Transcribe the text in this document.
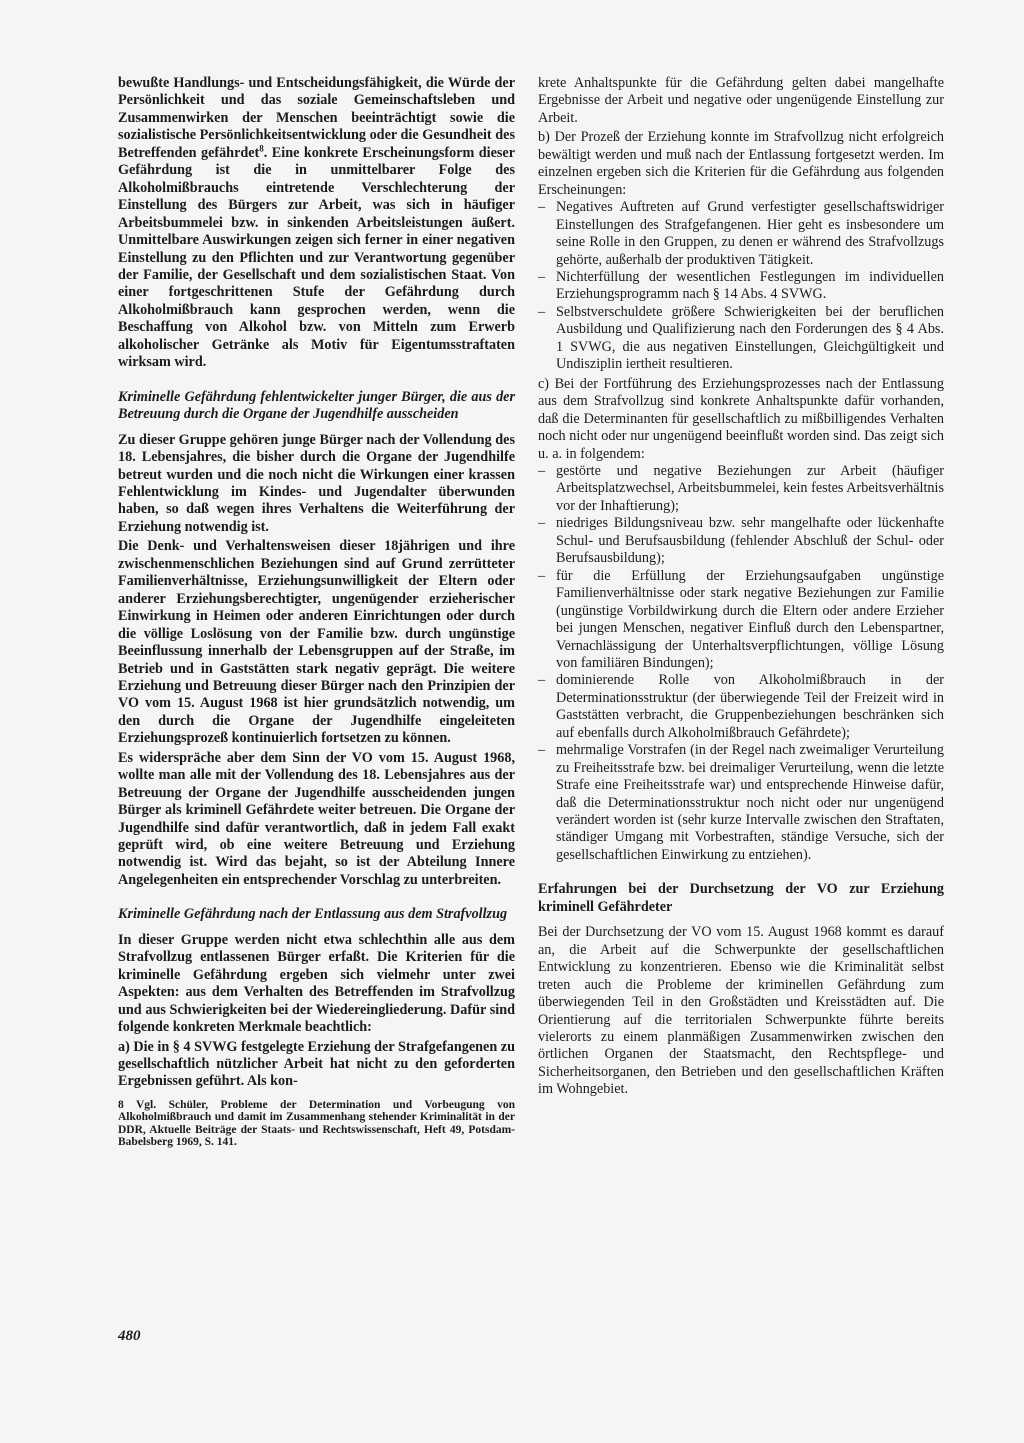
bewußte Handlungs- und Entscheidungsfähigkeit, die Würde der Persönlichkeit und das soziale Gemeinschaftsleben und Zusammenwirken der Menschen beeinträchtigt sowie die sozialistische Persönlichkeitsentwicklung oder die Gesundheit des Betreffenden gefährdet$^8$. Eine konkrete Erscheinungsform dieser Gefährdung ist die in unmittelbarer Folge des Alkoholmißbrauchs eintretende Verschlechterung der Einstellung des Bürgers zur Arbeit, was sich in häufiger Arbeitsbummelei bzw. in sinkenden Arbeitsleistungen äußert. Unmittelbare Auswirkungen zeigen sich ferner in einer negativen Einstellung zu den Pflichten und zur Verantwortung gegenüber der Familie, der Gesellschaft und dem sozialistischen Staat. Von einer fortgeschrittenen Stufe der Gefährdung durch Alkoholmißbrauch kann gesprochen werden, wenn die Beschaffung von Alkohol bzw. von Mitteln zum Erwerb alkoholischer Getränke als Motiv für Eigentumsstraftaten wirksam wird.

Kriminelle Gefährdung fehlentwickelter junger Bürger, die aus der Betreuung durch die Organe der Jugendhilfe ausscheiden

Zu dieser Gruppe gehören junge Bürger nach der Vollendung des 18. Lebensjahres, die bisher durch die Organe der Jugendhilfe betreut wurden und die noch nicht die Wirkungen einer krassen Fehlentwicklung im Kindes- und Jugendalter überwunden haben, so daß wegen ihres Verhaltens die Weiterführung der Erziehung notwendig ist.

Die Denk- und Verhaltensweisen dieser 18jährigen und ihre zwischenmenschlichen Beziehungen sind auf Grund zerrütteter Familienverhältnisse, Erziehungsunwilligkeit der Eltern oder anderer Erziehungsberechtigter, ungenügender erzieherischer Einwirkung in Heimen oder anderen Einrichtungen oder durch die völlige Loslösung von der Familie bzw. durch ungünstige Beeinflussung innerhalb der Lebensgruppen auf der Straße, im Betrieb und in Gaststätten stark negativ geprägt. Die weitere Erziehung und Betreuung dieser Bürger nach den Prinzipien der VO vom 15. August 1968 ist hier grundsätzlich notwendig, um den durch die Organe der Jugendhilfe eingeleiteten Erziehungsprozeß kontinuierlich fortsetzen zu können.

Es widerspräche aber dem Sinn der VO vom 15. August 1968, wollte man alle mit der Vollendung des 18. Lebensjahres aus der Betreuung der Organe der Jugendhilfe ausscheidenden jungen Bürger als kriminell Gefährdete weiter betreuen. Die Organe der Jugendhilfe sind dafür verantwortlich, daß in jedem Fall exakt geprüft wird, ob eine weitere Betreuung und Erziehung notwendig ist. Wird das bejaht, so ist der Abteilung Innere Angelegenheiten ein entsprechender Vorschlag zu unterbreiten.

Kriminelle Gefährdung nach der Entlassung aus dem Strafvollzug

In dieser Gruppe werden nicht etwa schlechthin alle aus dem Strafvollzug entlassenen Bürger erfaßt. Die Kriterien für die kriminelle Gefährdung ergeben sich vielmehr unter zwei Aspekten: aus dem Verhalten des Betreffenden im Strafvollzug und aus Schwierigkeiten bei der Wiedereingliederung. Dafür sind folgende konkreten Merkmale beachtlich:

a) Die in § 4 SVWG festgelegte Erziehung der Strafgefangenen zu gesellschaftlich nützlicher Arbeit hat nicht zu den geforderten Ergebnissen geführt. Als kon-

8 Vgl. Schüler, Probleme der Determination und Vorbeugung von Alkoholmißbrauch und damit im Zusammenhang stehender Kriminalität in der DDR, Aktuelle Beiträge der Staats- und Rechtswissenschaft, Heft 49, Potsdam-Babelsberg 1969, S. 141.

480

krete Anhaltspunkte für die Gefährdung gelten dabei mangelhafte Ergebnisse der Arbeit und negative oder ungenügende Einstellung zur Arbeit.

b) Der Prozeß der Erziehung konnte im Strafvollzug nicht erfolgreich bewältigt werden und muß nach der Entlassung fortgesetzt werden. Im einzelnen ergeben sich die Kriterien für die Gefährdung aus folgenden Erscheinungen:

– Negatives Auftreten auf Grund verfestigter gesellschaftswidriger Einstellungen des Strafgefangenen. Hier geht es insbesondere um seine Rolle in den Gruppen, zu denen er während des Strafvollzugs gehörte, außerhalb der produktiven Tätigkeit.

– Nichterfüllung der wesentlichen Festlegungen im individuellen Erziehungsprogramm nach § 14 Abs. 4 SVWG.

– Selbstverschuldete größere Schwierigkeiten bei der beruflichen Ausbildung und Qualifizierung nach den Forderungen des § 4 Abs. 1 SVWG, die aus negativen Einstellungen, Gleichgültigkeit und Undisziplin iertheit resultieren.

c) Bei der Fortführung des Erziehungsprozesses nach der Entlassung aus dem Strafvollzug sind konkrete Anhaltspunkte dafür vorhanden, daß die Determinanten für gesellschaftlich zu mißbilligendes Verhalten noch nicht oder nur ungenügend beeinflußt worden sind. Das zeigt sich u. a. in folgendem:

– gestörte und negative Beziehungen zur Arbeit (häufiger Arbeitsplatzwechsel, Arbeitsbummelei, kein festes Arbeitsverhältnis vor der Inhaftierung);

– niedriges Bildungsniveau bzw. sehr mangelhafte oder lückenhafte Schul- und Berufsausbildung (fehlender Abschluß der Schul- oder Berufsausbildung);

– für die Erfüllung der Erziehungsaufgaben ungünstige Familienverhältnisse oder stark negative Beziehungen zur Familie (ungünstige Vorbildwirkung durch die Eltern oder andere Erzieher bei jungen Menschen, negativer Einfluß durch den Lebenspartner, Vernachlässigung der Unterhaltsverpflichtungen, völlige Lösung von familiären Bindungen);

– dominierende Rolle von Alkoholmißbrauch in der Determinationsstruktur (der überwiegende Teil der Freizeit wird in Gaststätten verbracht, die Gruppenbeziehungen beschränken sich auf ebenfalls durch Alkoholmißbrauch Gefährdete);

– mehrmalige Vorstrafen (in der Regel nach zweimaliger Verurteilung zu Freiheitsstrafe bzw. bei dreimaliger Verurteilung, wenn die letzte Strafe eine Freiheitsstrafe war) und entsprechende Hinweise dafür, daß die Determinationsstruktur noch nicht oder nur ungenügend verändert worden ist (sehr kurze Intervalle zwischen den Straftaten, ständiger Umgang mit Vorbestraften, ständige Versuche, sich der gesellschaftlichen Einwirkung zu entziehen).

Erfahrungen bei der Durchsetzung der VO zur Erziehung kriminell Gefährdeter

Bei der Durchsetzung der VO vom 15. August 1968 kommt es darauf an, die Arbeit auf die Schwerpunkte der gesellschaftlichen Entwicklung zu konzentrieren. Ebenso wie die Kriminalität selbst treten auch die Probleme der kriminellen Gefährdung zum überwiegenden Teil in den Großstädten und Kreisstädten auf. Die Orientierung auf die territorialen Schwerpunkte führte bereits vielerorts zu einem planmäßigen Zusammenwirken zwischen den örtlichen Organen der Staatsmacht, den Rechtspflege- und Sicherheitsorganen, den Betrieben und den gesellschaftlichen Kräften im Wohngebiet.
